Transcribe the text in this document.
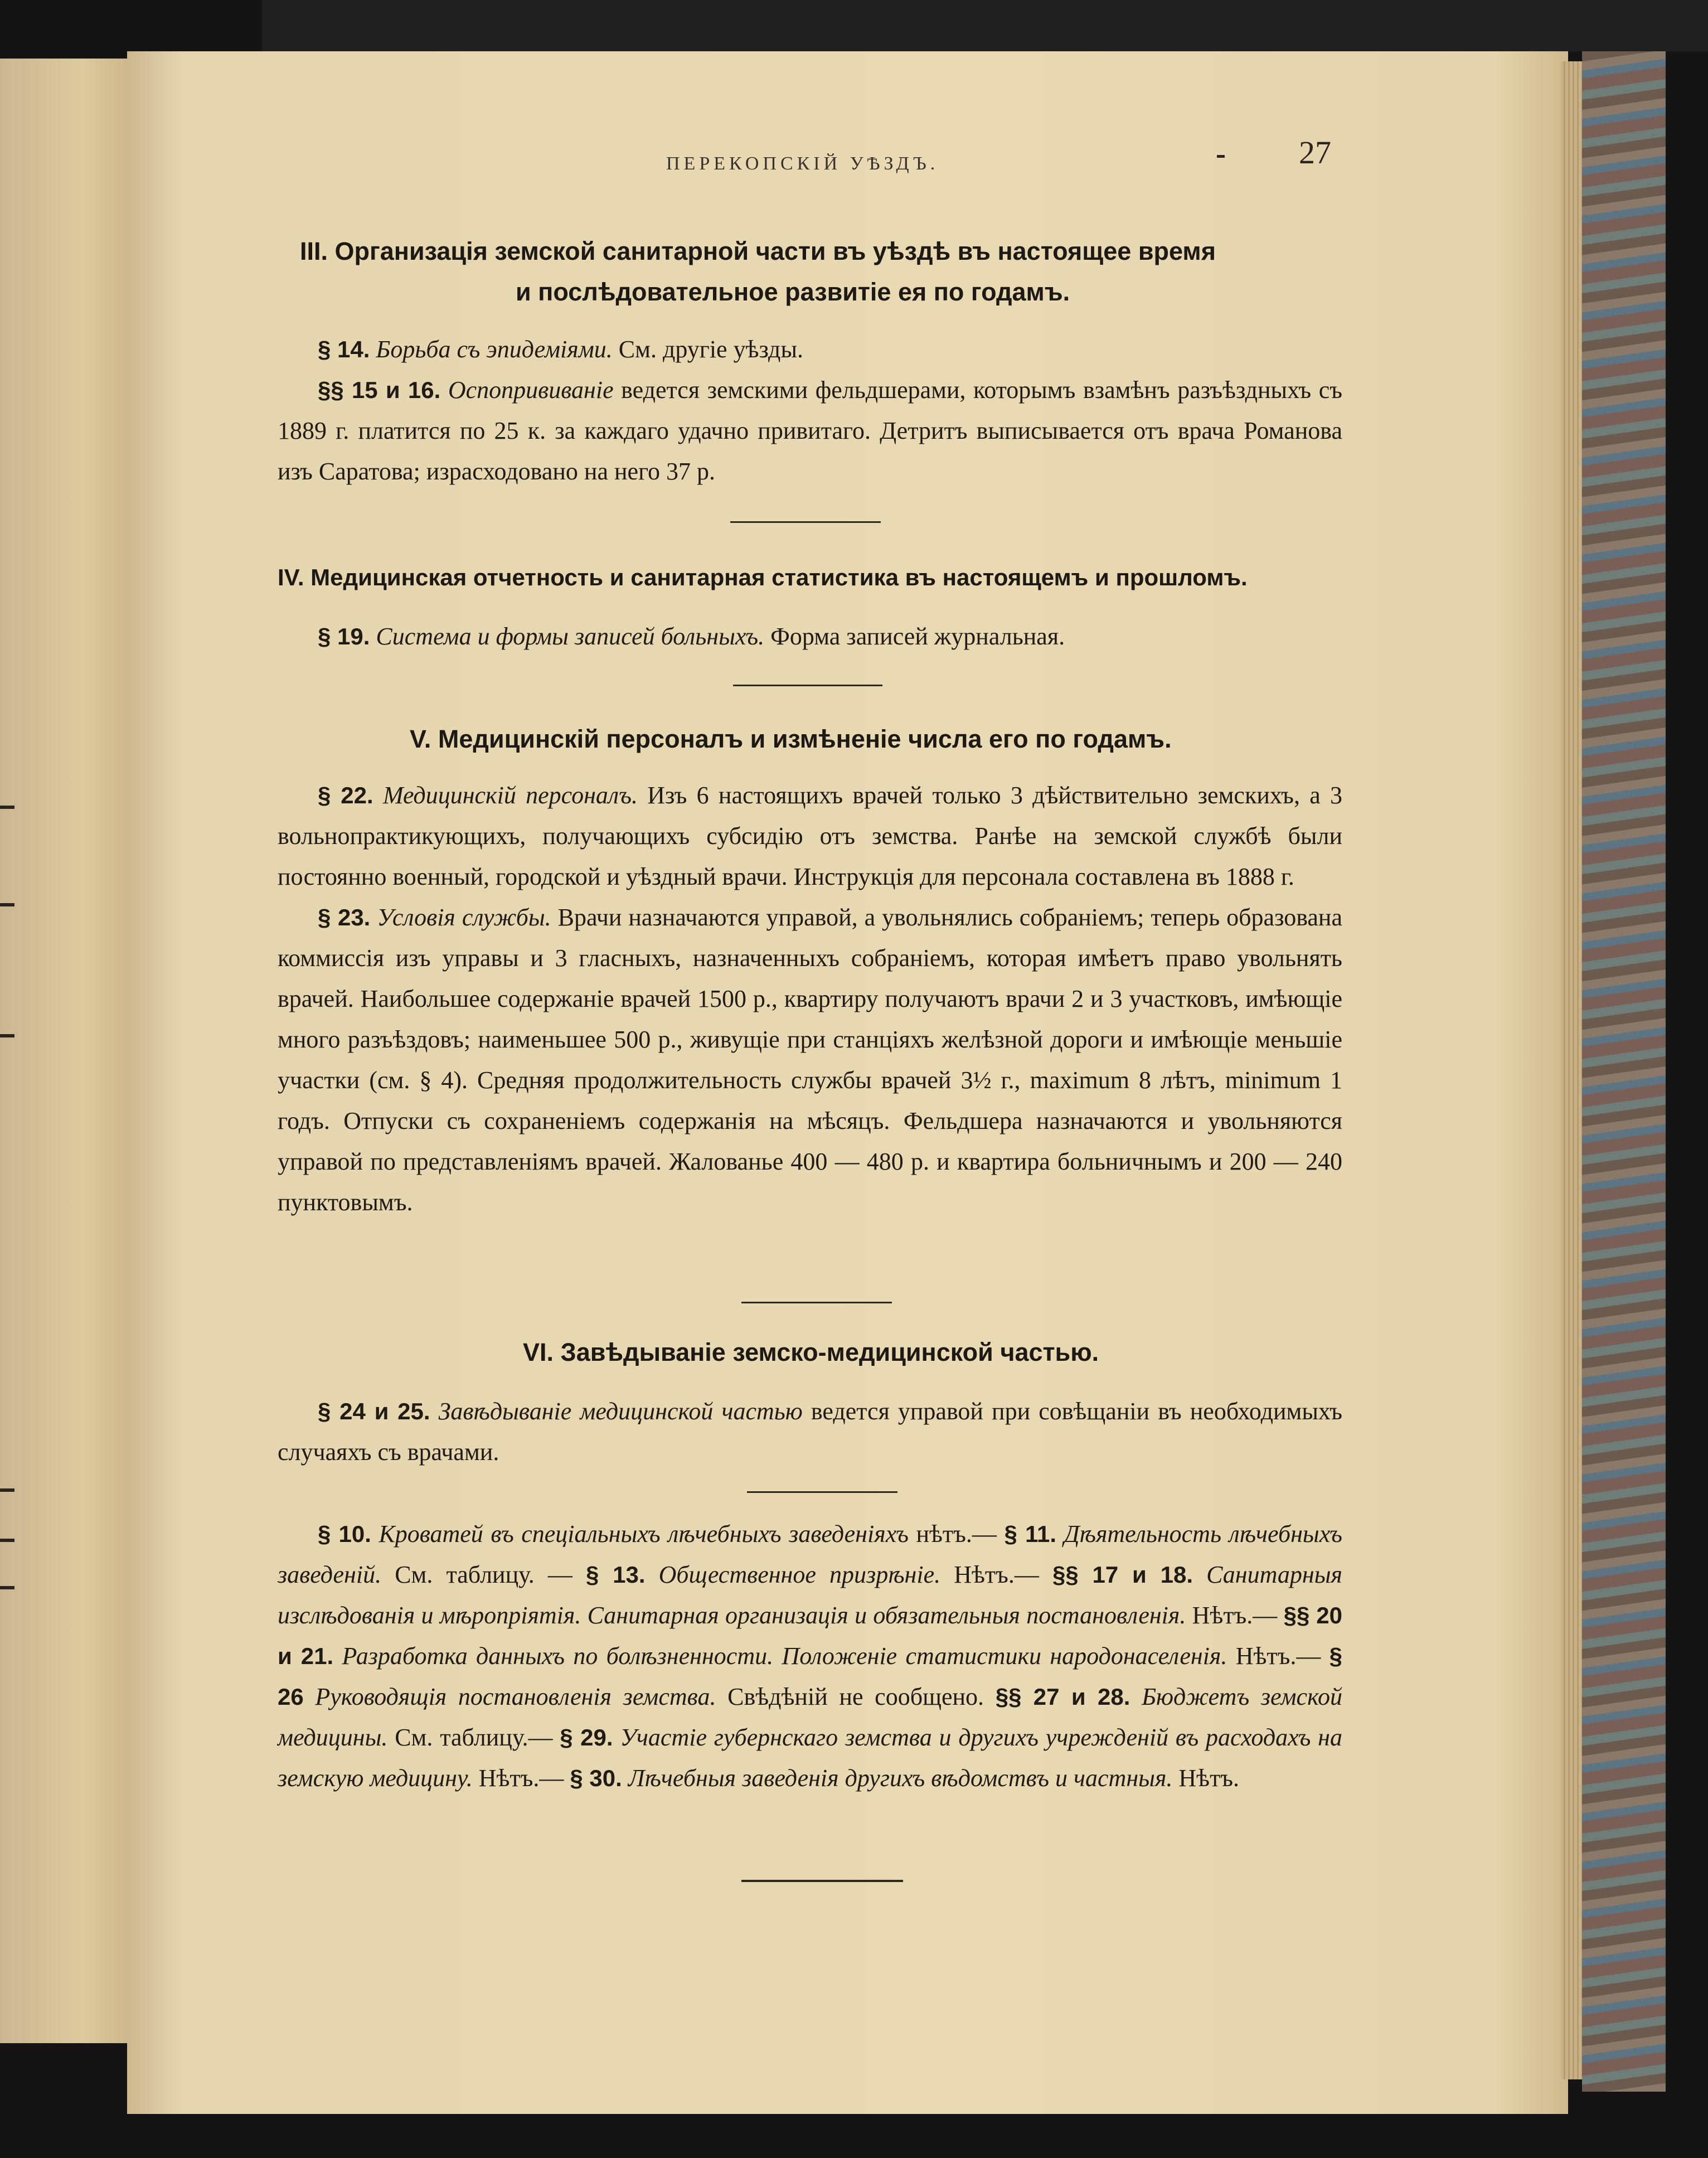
ПЕРЕКОПСКІЙ УѢЗДЪ.	27
III. Организація земской санитарной части въ уѣздѣ въ настоящее время
и послѣдовательное развитіе ея по годамъ.

§ 14. Борьба съ эпидеміями. См. другіе уѣзды.

§§ 15 и 16. Оспопрививаніе ведется земскими фельдшерами, которымъ взамѣнъ разъѣздныхъ съ 1889 г. платится по 25 к. за каждаго удачно привитаго. Детритъ выписывается отъ врача Романова изъ Саратова; израсходовано на него 37 р.

IV. Медицинская отчетность и санитарная статистика въ настоящемъ и прошломъ.

§ 19. Система и формы записей больныхъ. Форма записей журнальная.

V. Медицинскій персоналъ и измѣненіе числа его по годамъ.

§ 22. Медицинскій персоналъ. Изъ 6 настоящихъ врачей только 3 дѣйствительно земскихъ, а 3 вольнопрактикующихъ, получающихъ субсидію отъ земства. Ранѣе на земской службѣ были постоянно военный, городской и уѣздный врачи. Инструкція для персонала составлена въ 1888 г.

§ 23. Условія службы. Врачи назначаются управой, а увольнялись собраніемъ; теперь образована коммиссія изъ управы и 3 гласныхъ, назначенныхъ собраніемъ, которая имѣетъ право увольнять врачей. Наибольшее содержаніе врачей 1500 р., квартиру получаютъ врачи 2 и 3 участковъ, имѣющіе много разъѣздовъ; наименьшее 500 р., живущіе при станціяхъ желѣзной дороги и имѣющіе меньшіе участки (см. § 4). Средняя продолжительность службы врачей 3½ г., maximum 8 лѣтъ, minimum 1 годъ. Отпуски съ сохраненіемъ содержанія на мѣсяцъ. Фельдшера назначаются и увольняются управой по представленіямъ врачей. Жалованье 400 — 480 р. и квартира больничнымъ и 200 — 240 пунктовымъ.

VI. Завѣдываніе земско-медицинской частью.

§ 24 и 25. Завѣдываніе медицинской частью ведется управой при совѣщаніи въ необходимыхъ случаяхъ съ врачами.

§ 10. Кроватей въ спеціальныхъ лѣчебныхъ заведеніяхъ нѣтъ.— § 11. Дѣятельность лѣчебныхъ заведеній. См. таблицу. — § 13. Общественное призрѣніе. Нѣтъ.— §§ 17 и 18. Санитарныя изслѣдованія и мѣропріятія. Санитарная организація и обязательныя постановленія. Нѣтъ.— §§ 20 и 21. Разработка данныхъ по болѣзненности. Положеніе статистики народонаселенія. Нѣтъ.— § 26 Руководящія постановленія земства. Свѣдѣній не сообщено. §§ 27 и 28. Бюджетъ земской медицины. См. таблицу.— § 29. Участіе губернскаго земства и другихъ учрежденій въ расходахъ на земскую медицину. Нѣтъ.— § 30. Лѣчебныя заведенія другихъ вѣдомствъ и частныя. Нѣтъ.
